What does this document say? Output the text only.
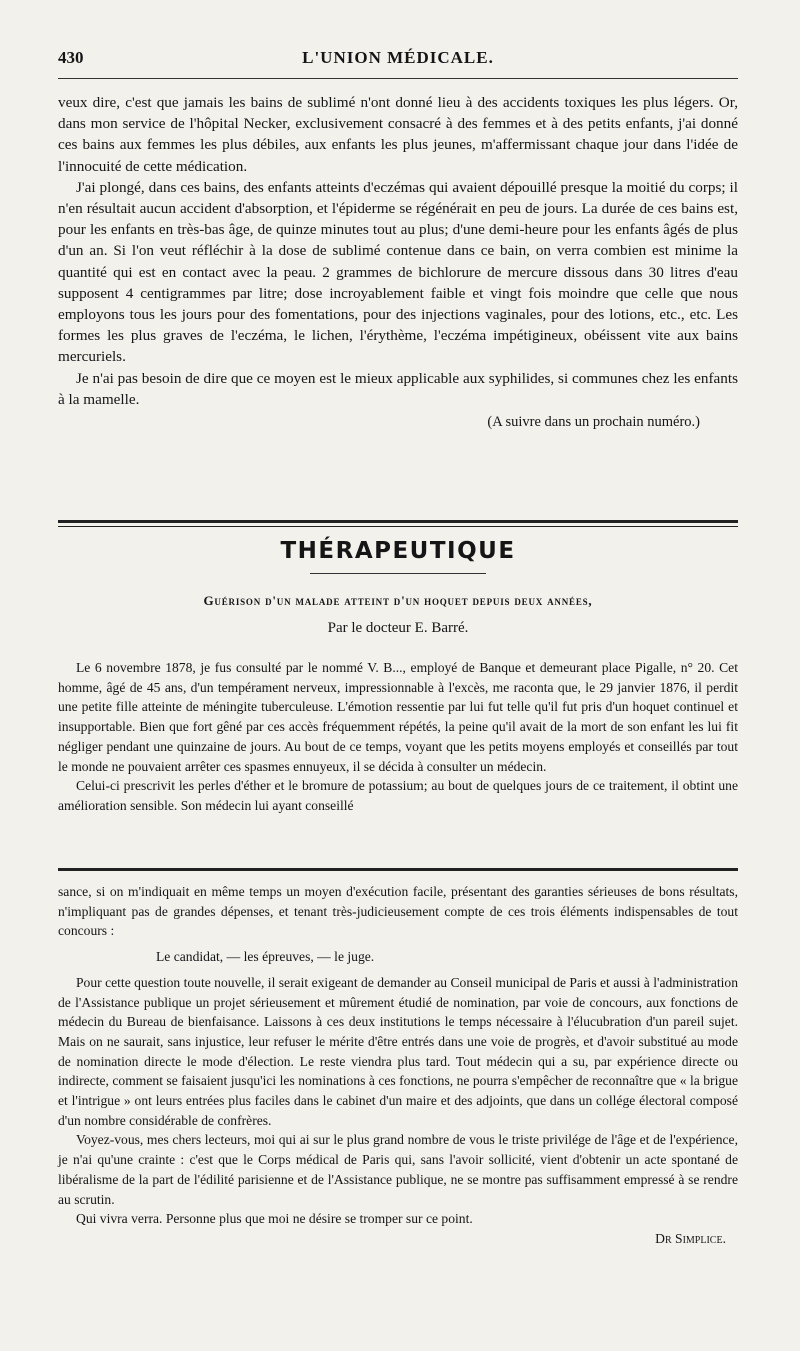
430	L'UNION MÉDICALE.

veux dire, c'est que jamais les bains de sublimé n'ont donné lieu à des accidents toxiques les plus légers. Or, dans mon service de l'hôpital Necker, exclusivement consacré à des femmes et à des petits enfants, j'ai donné ces bains aux femmes les plus débiles, aux enfants les plus jeunes, m'affermissant chaque jour dans l'idée de l'innocuité de cette médication.

J'ai plongé, dans ces bains, des enfants atteints d'eczémas qui avaient dépouillé presque la moitié du corps; il n'en résultait aucun accident d'absorption, et l'épiderme se régénérait en peu de jours. La durée de ces bains est, pour les enfants en très-bas âge, de quinze minutes tout au plus; d'une demi-heure pour les enfants âgés de plus d'un an. Si l'on veut réfléchir à la dose de sublimé contenue dans ce bain, on verra combien est minime la quantité qui est en contact avec la peau. 2 grammes de bichlorure de mercure dissous dans 30 litres d'eau supposent 4 centigrammes par litre; dose incroyablement faible et vingt fois moindre que celle que nous employons tous les jours pour des fomentations, pour des injections vaginales, pour des lotions, etc., etc. Les formes les plus graves de l'eczéma, le lichen, l'érythème, l'eczéma impétigineux, obéissent vite aux bains mercuriels.

Je n'ai pas besoin de dire que ce moyen est le mieux applicable aux syphilides, si communes chez les enfants à la mamelle.

(A suivre dans un prochain numéro.)

THÉRAPEUTIQUE
Guérison d'un malade atteint d'un hoquet depuis deux années,
Par le docteur E. Barré.

Le 6 novembre 1878, je fus consulté par le nommé V. B..., employé de Banque et demeurant place Pigalle, n° 20. Cet homme, âgé de 45 ans, d'un tempérament nerveux, impressionnable à l'excès, me raconta que, le 29 janvier 1876, il perdit une petite fille atteinte de méningite tuberculeuse. L'émotion ressentie par lui fut telle qu'il fut pris d'un hoquet continuel et insupportable. Bien que fort gêné par ces accès fréquemment répétés, la peine qu'il avait de la mort de son enfant les lui fit négliger pendant une quinzaine de jours. Au bout de ce temps, voyant que les petits moyens employés et conseillés par tout le monde ne pouvaient arrêter ces spasmes ennuyeux, il se décida à consulter un médecin.

Celui-ci prescrivit les perles d'éther et le bromure de potassium; au bout de quelques jours de ce traitement, il obtint une amélioration sensible. Son médecin lui ayant conseillé

sance, si on m'indiquait en même temps un moyen d'exécution facile, présentant des garanties sérieuses de bons résultats, n'impliquant pas de grandes dépenses, et tenant très-judicieusement compte de ces trois éléments indispensables de tout concours :

Le candidat, — les épreuves, — le juge.

Pour cette question toute nouvelle, il serait exigeant de demander au Conseil municipal de Paris et aussi à l'administration de l'Assistance publique un projet sérieusement et mûrement étudié de nomination, par voie de concours, aux fonctions de médecin du Bureau de bienfaisance. Laissons à ces deux institutions le temps nécessaire à l'élucubration d'un pareil sujet. Mais on ne saurait, sans injustice, leur refuser le mérite d'être entrés dans une voie de progrès, et d'avoir substitué au mode de nomination directe le mode d'élection. Le reste viendra plus tard. Tout médecin qui a su, par expérience directe ou indirecte, comment se faisaient jusqu'ici les nominations à ces fonctions, ne pourra s'empêcher de reconnaître que « la brigue et l'intrigue » ont leurs entrées plus faciles dans le cabinet d'un maire et des adjoints, que dans un collége électoral composé d'un nombre considérable de confrères.

Voyez-vous, mes chers lecteurs, moi qui ai sur le plus grand nombre de vous le triste privilége de l'âge et de l'expérience, je n'ai qu'une crainte : c'est que le Corps médical de Paris qui, sans l'avoir sollicité, vient d'obtenir un acte spontané de libéralisme de la part de l'édilité parisienne et de l'Assistance publique, ne se montre pas suffisamment empressé à se rendre au scrutin.

Qui vivra verra. Personne plus que moi ne désire se tromper sur ce point.

Dr Simplice.
